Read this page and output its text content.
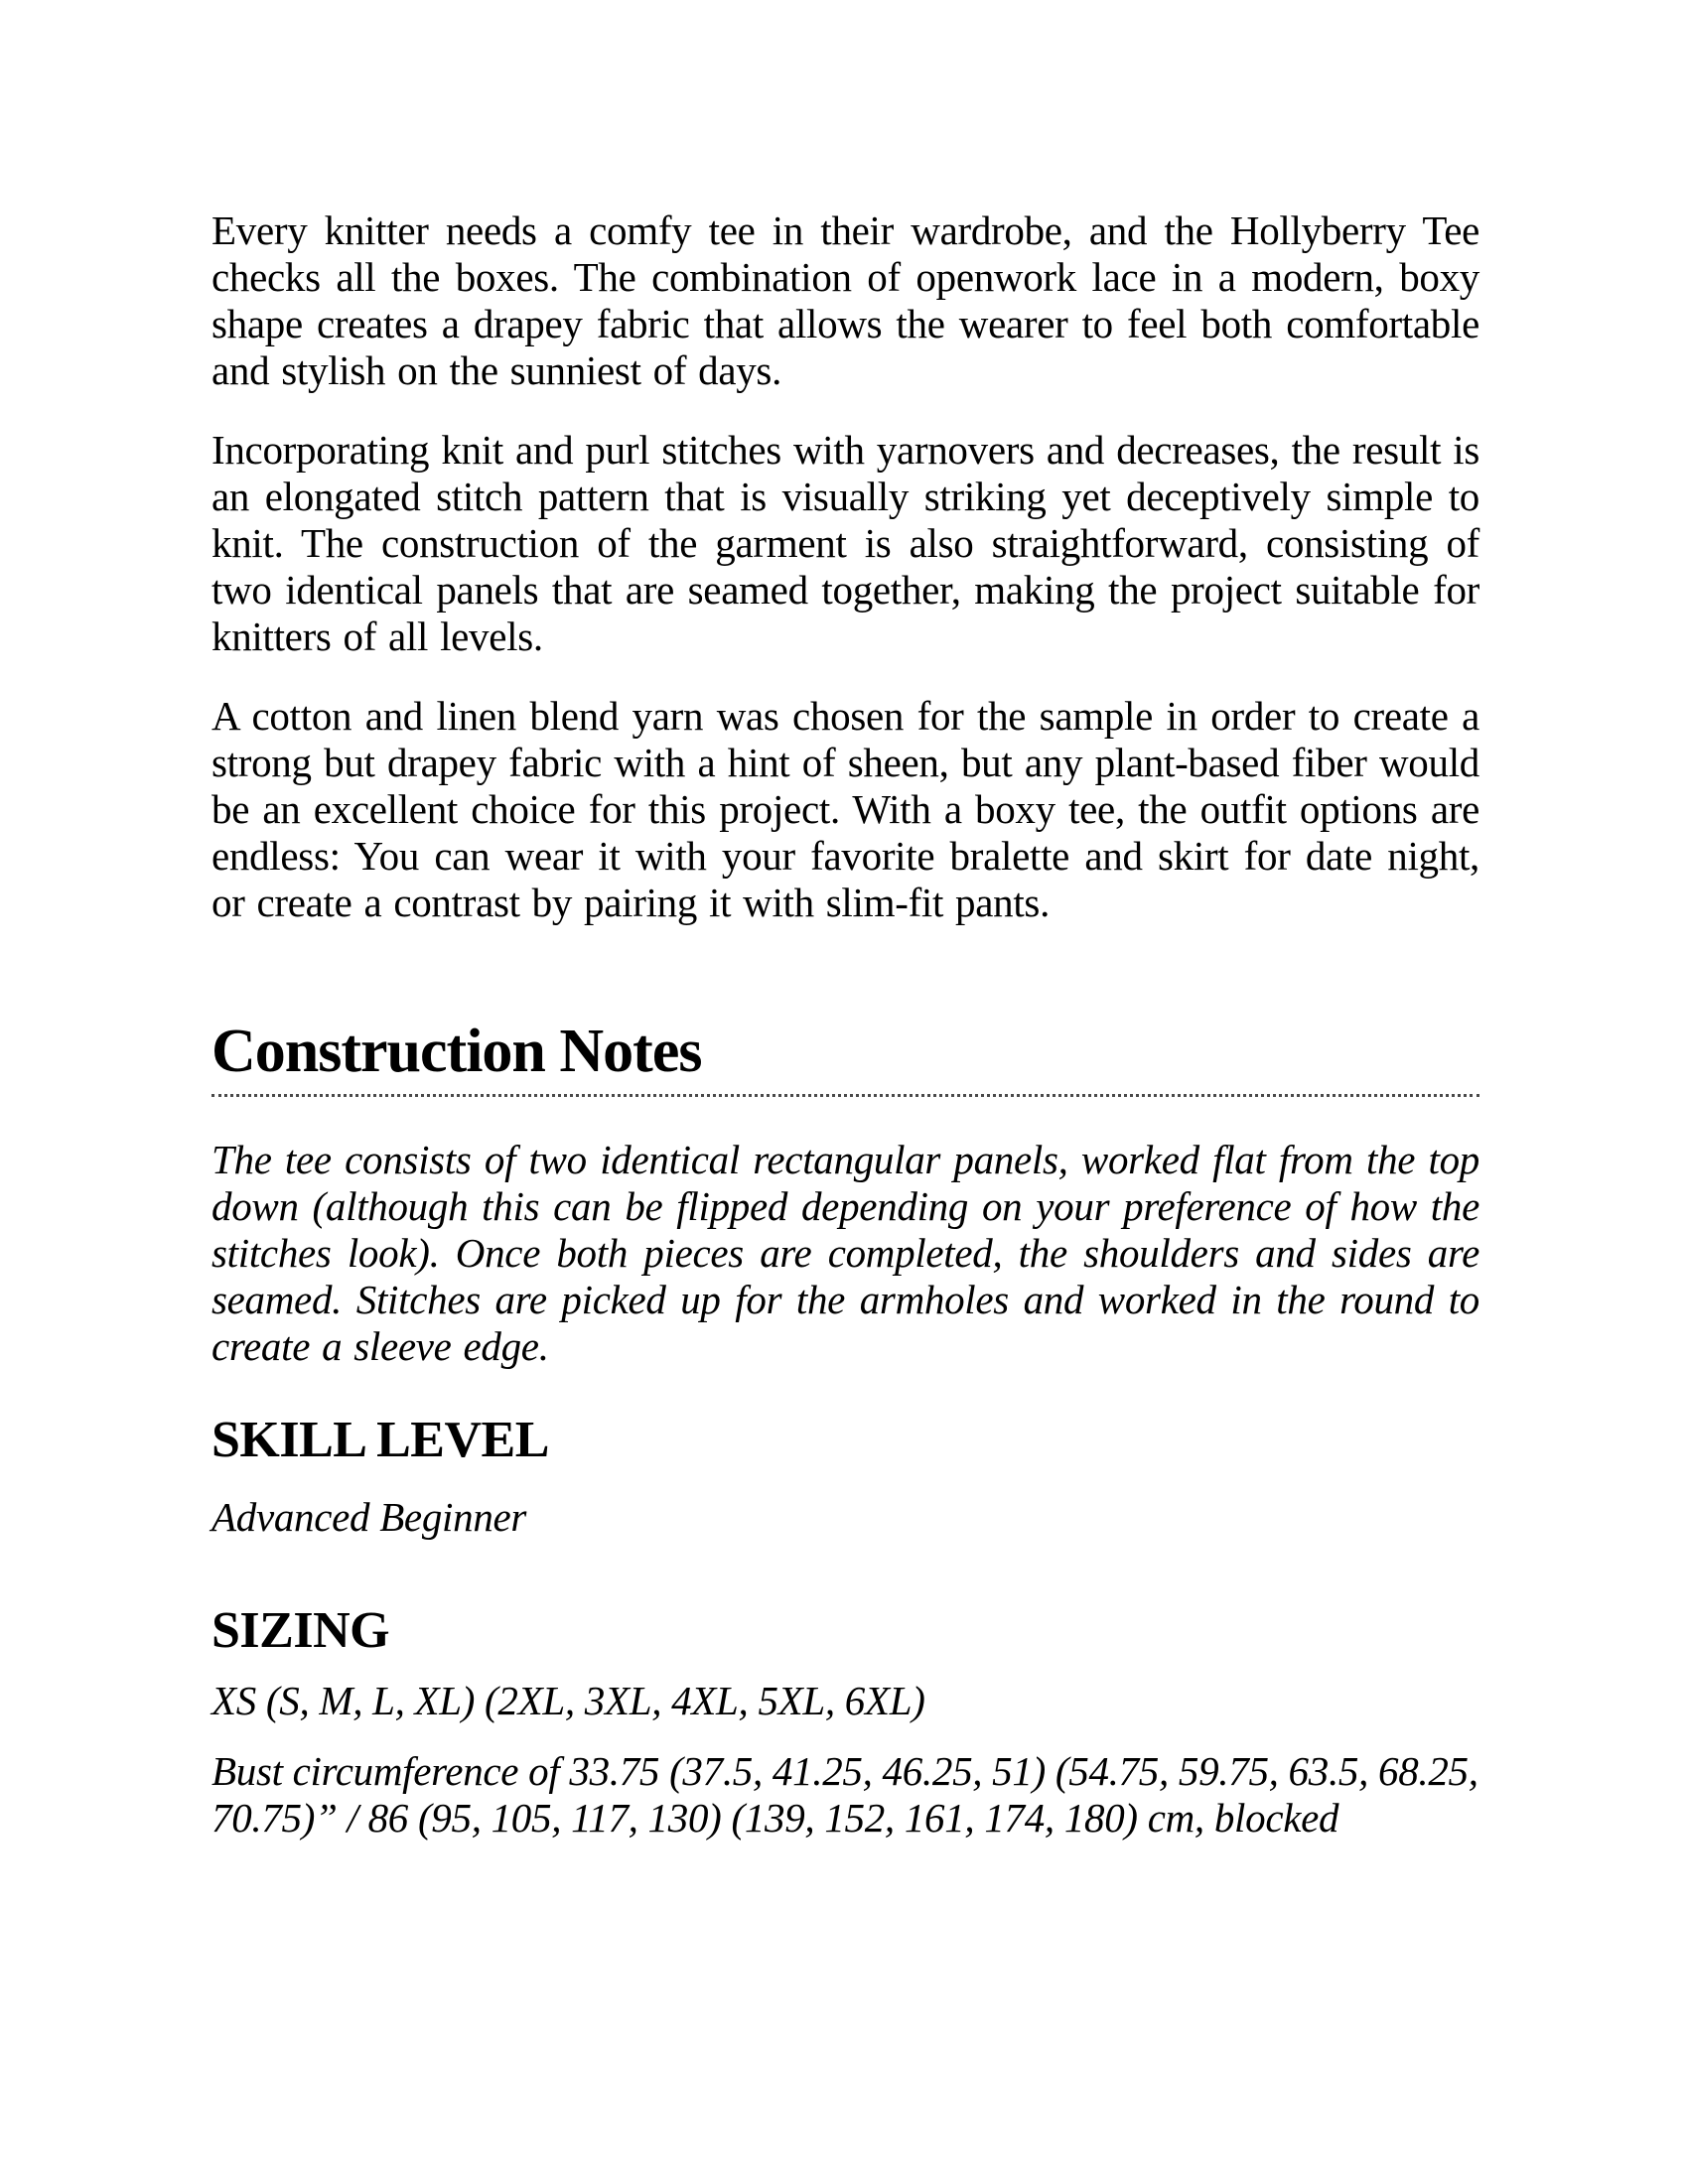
Every knitter needs a comfy tee in their wardrobe, and the Hollyberry Tee checks all the boxes. The combination of openwork lace in a modern, boxy shape creates a drapey fabric that allows the wearer to feel both comfortable and stylish on the sunniest of days.

Incorporating knit and purl stitches with yarnovers and decreases, the result is an elongated stitch pattern that is visually striking yet deceptively simple to knit. The construction of the garment is also straightforward, consisting of two identical panels that are seamed together, making the project suitable for knitters of all levels.

A cotton and linen blend yarn was chosen for the sample in order to create a strong but drapey fabric with a hint of sheen, but any plant-based fiber would be an excellent choice for this project. With a boxy tee, the outfit options are endless: You can wear it with your favorite bralette and skirt for date night, or create a contrast by pairing it with slim-fit pants.

Construction Notes

The tee consists of two identical rectangular panels, worked flat from the top down (although this can be flipped depending on your preference of how the stitches look). Once both pieces are completed, the shoulders and sides are seamed. Stitches are picked up for the armholes and worked in the round to create a sleeve edge.

SKILL LEVEL

Advanced Beginner

SIZING

XS (S, M, L, XL) (2XL, 3XL, 4XL, 5XL, 6XL)

Bust circumference of 33.75 (37.5, 41.25, 46.25, 51) (54.75, 59.75, 63.5, 68.25, 70.75)” / 86 (95, 105, 117, 130) (139, 152, 161, 174, 180) cm, blocked
